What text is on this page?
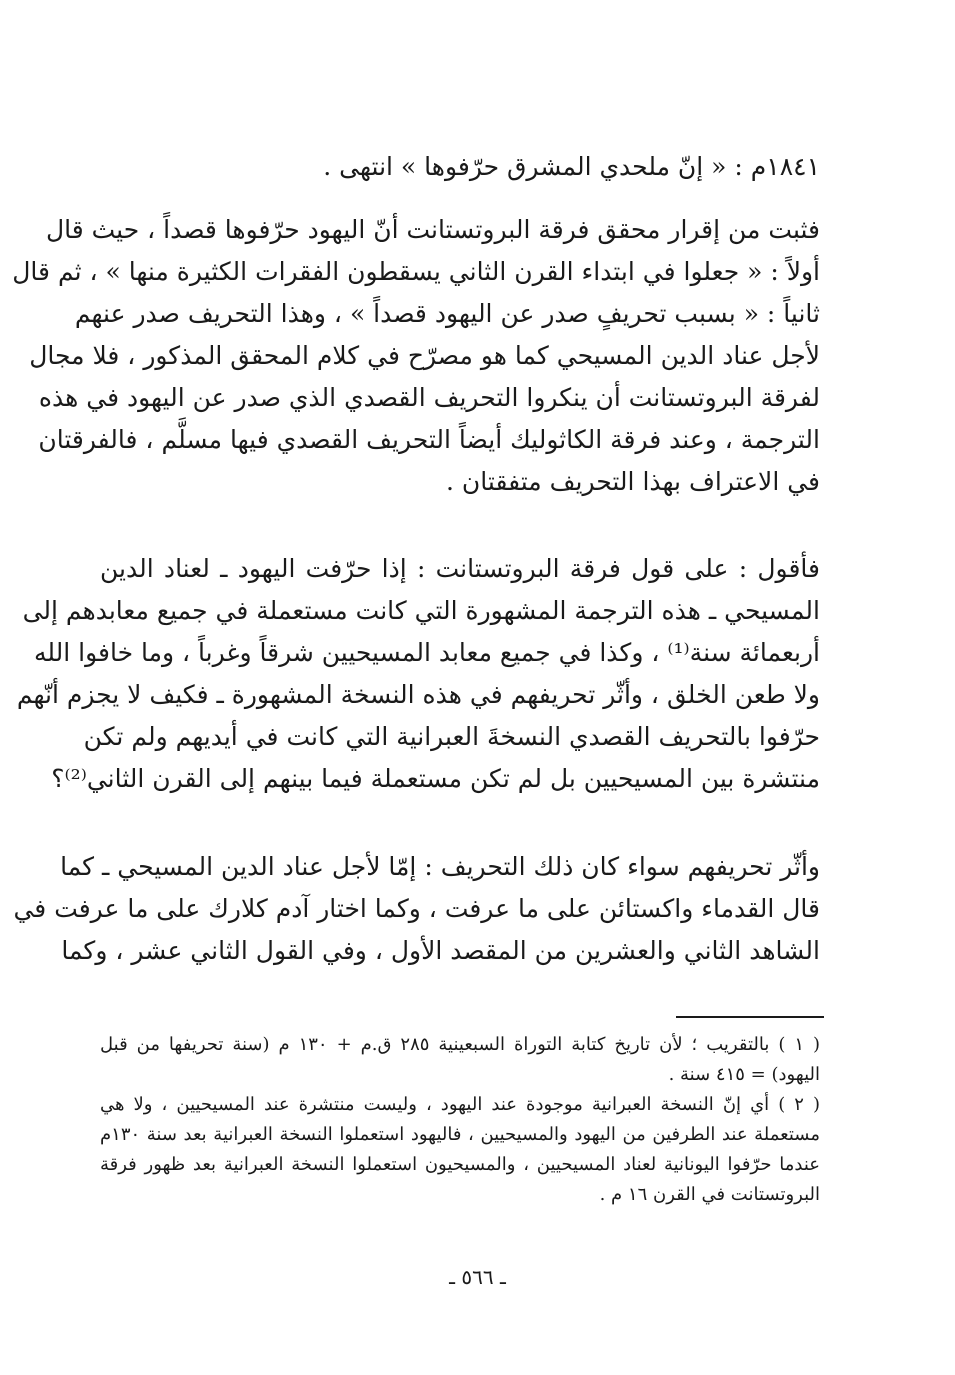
١٨٤١م : « إنّ ملحدي المشرق حرّفوها » انتهى .
فثبت من إقرار محقق فرقة البروتستانت أنّ اليهود حرّفوها قصداً ، حيث قال
أولاً : « جعلوا في ابتداء القرن الثاني يسقطون الفقرات الكثيرة منها » ، ثم قال
ثانياً : « بسبب تحريفٍ صدر عن اليهود قصداً » ، وهذا التحريف صدر عنهم
لأجل عناد الدين المسيحي كما هو مصرّح في كلام المحقق المذكور ، فلا مجال
لفرقة البروتستانت أن ينكروا التحريف القصدي الذي صدر عن اليهود في هذه
الترجمة ، وعند فرقة الكاثوليك أيضاً التحريف القصدي فيها مسلَّم ، فالفرقتان
في الاعتراف بهذا التحريف متفقتان .
فأقول : على قول فرقة البروتستانت : إذا حرّفت اليهود ـ لعناد الدين
المسيحي ـ هذه الترجمة المشهورة التي كانت مستعملة في جميع معابدهم إلى
أربعمائة سنة⁽¹⁾ ، وكذا في جميع معابد المسيحيين شرقاً وغرباً ، وما خافوا الله
ولا طعن الخلق ، وأثّر تحريفهم في هذه النسخة المشهورة ـ فكيف لا يجزم أنّهم
حرّفوا بالتحريف القصدي النسخةَ العبرانية التي كانت في أيديهم ولم تكن
منتشرة بين المسيحيين بل لم تكن مستعملة فيما بينهم إلى القرن الثاني⁽²⁾؟
وأثّر تحريفهم سواء كان ذلك التحريف : إمّا لأجل عناد الدين المسيحي ـ كما
قال القدماء واكستائن على ما عرفت ، وكما اختار آدم كلارك على ما عرفت في
الشاهد الثاني والعشرين من المقصد الأول ، وفي القول الثاني عشر ، وكما
( ١ ) بالتقريب ؛ لأن تاريخ كتابة التوراة السبعينية ٢٨٥ ق.م + ١٣٠ م (سنة تحريفها من قبل
اليهود) = ٤١٥ سنة .
( ٢ ) أي إنّ النسخة العبرانية موجودة عند اليهود ، وليست منتشرة عند المسيحيين ، ولا هي
مستعملة عند الطرفين من اليهود والمسيحيين ، فاليهود استعملوا النسخة العبرانية بعد سنة ١٣٠م
عندما حرّفوا اليونانية لعناد المسيحيين ، والمسيحيون استعملوا النسخة العبرانية بعد ظهور فرقة
البروتستانت في القرن ١٦ م .
ـ ٥٦٦ ـ
